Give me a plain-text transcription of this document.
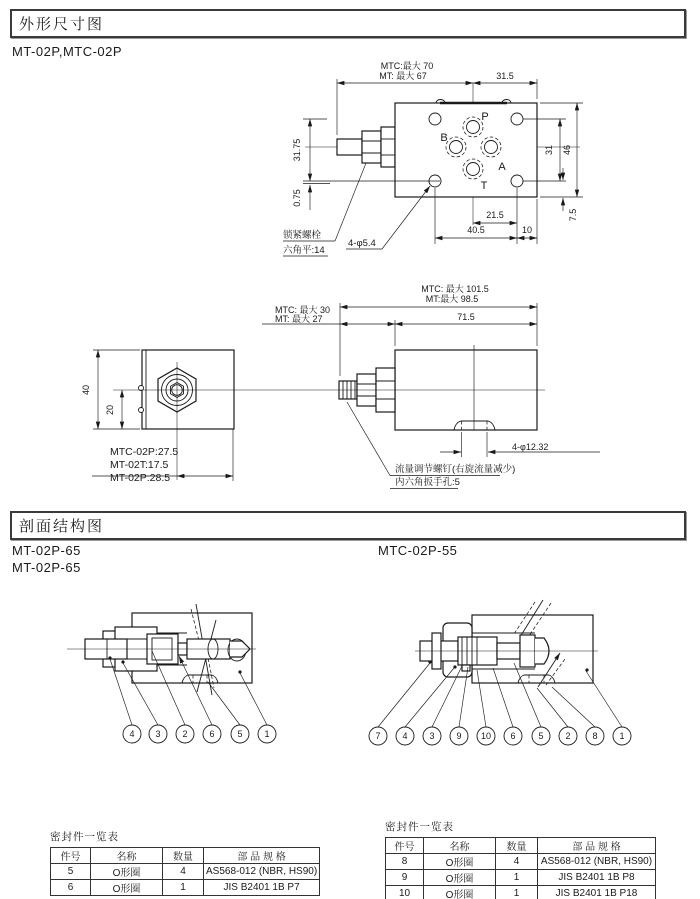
外形尺寸图
MT-02P,MTC-02P
P
B
A
T
MTC:最大 70
MT: 最大 67	31.5
31.75
0.75
31 46
7.5
21.5
40.5	10
锁紧螺栓
六角平:14
4-φ5.4
40
20
MTC-02P:27.5
MT-02T:17.5
MT-02P:28.5
MTC: 最大 101.5
MT:最大 98.5
MTC: 最大 30
MT: 最大 27	71.5
4-φ12.32
流量调节螺钉(右旋流量减少)
内六角扳手孔:5
剖面结构图
MT-02P-65
MT-02P-65
MTC-02P-55
4 3 2 6	5 1	7 4 3 9 10 6	5 2 8 1
密封件一览表
件号	名称	数量	部 品 规 格
5	O形圈	4	AS568-012 (NBR, HS90)
6	O形圈	1	JIS B2401 1B P7
密封件一览表
件号	名称	数量	部 品 规 格
8	O形圈	4	AS568-012 (NBR, HS90)
9	O形圈	1	JIS B2401 1B P8
10	O形圈	1	JIS B2401 1B P18
